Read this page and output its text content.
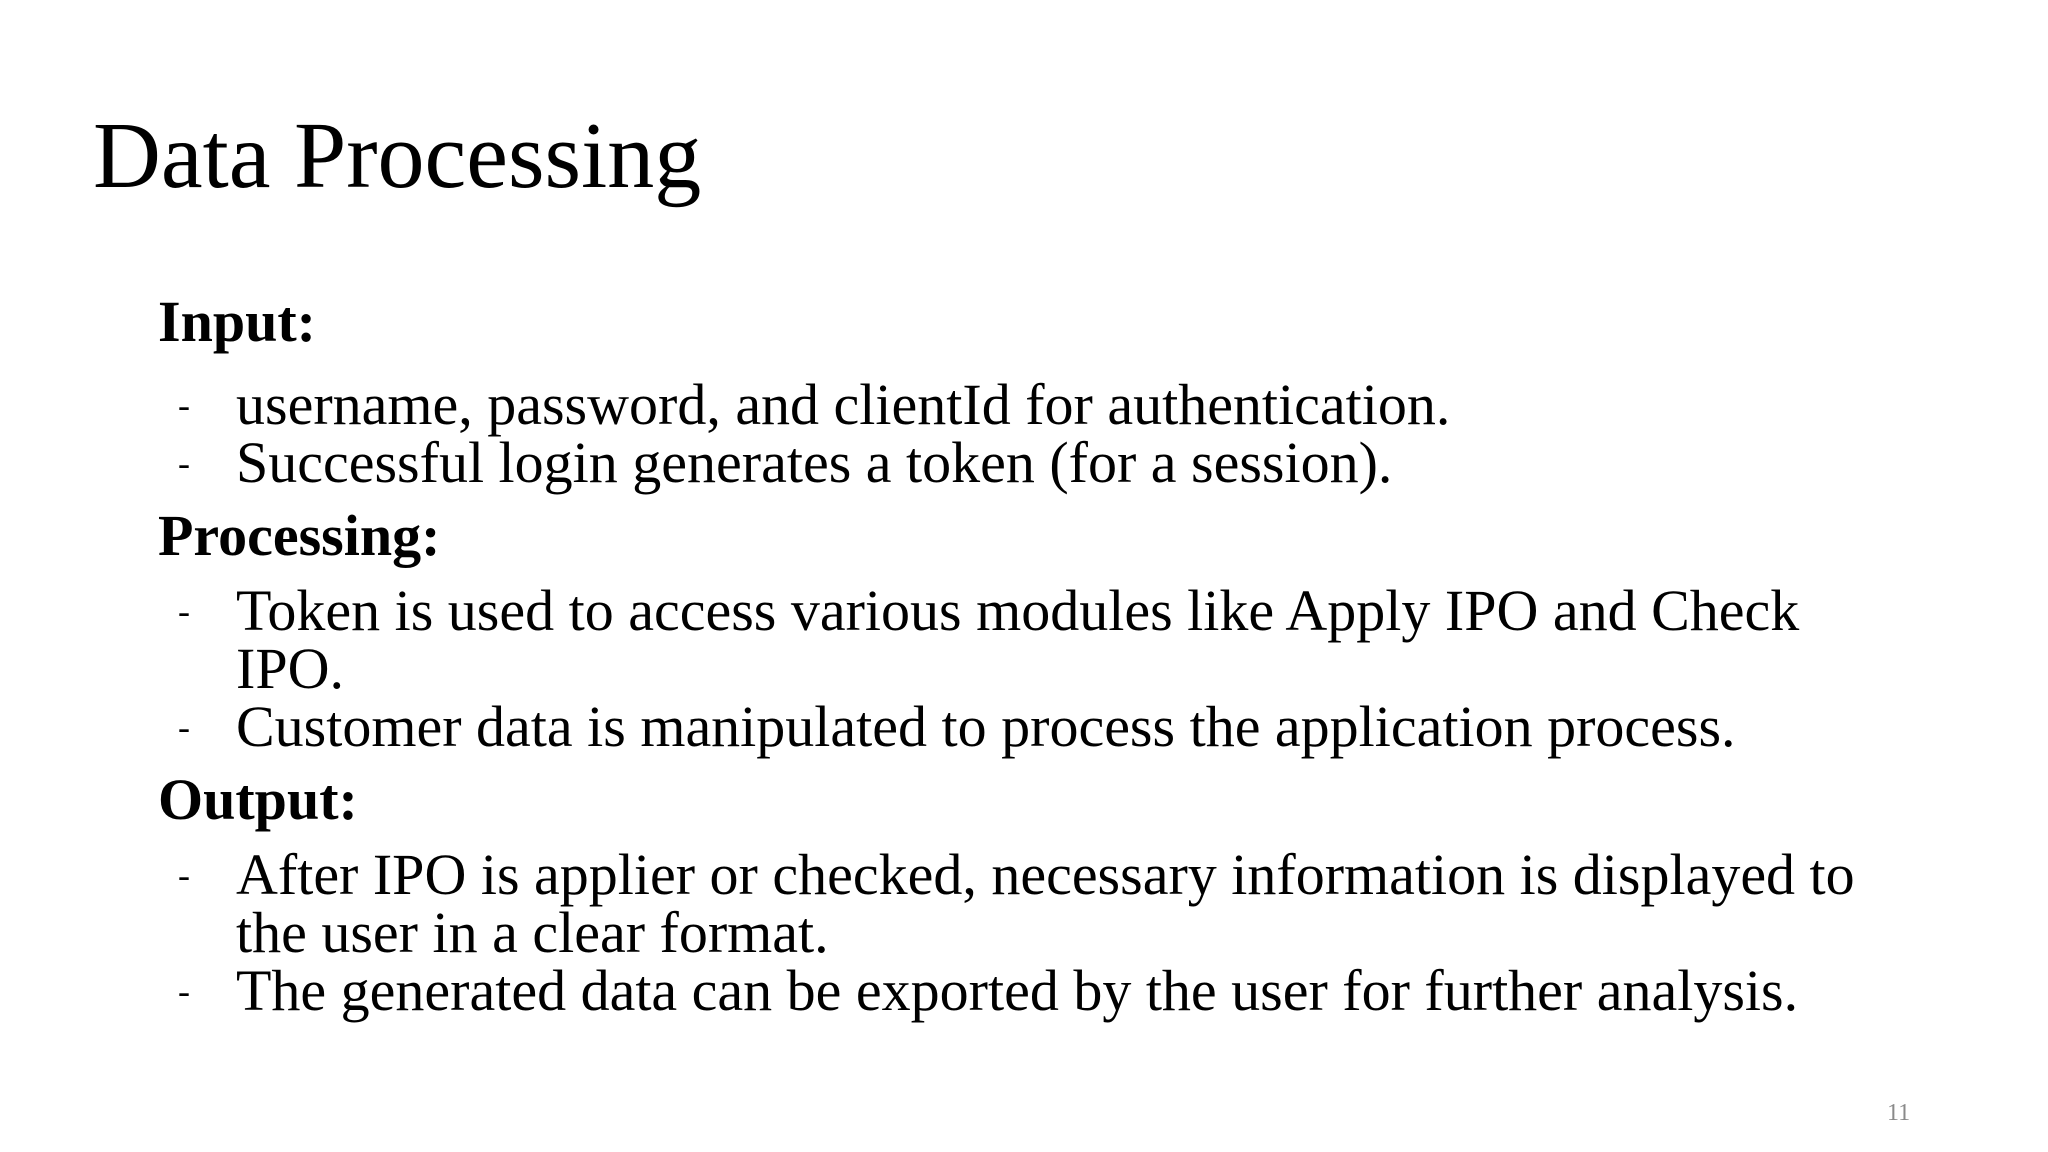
Data Processing
Input:
- username, password, and clientId for authentication.
- Successful login generates a token (for a session).
Processing:
- Token is used to access various modules like Apply IPO and Check IPO.
- Customer data is manipulated to process the application process.
Output:
- After IPO is applier or checked, necessary information is displayed to the user in a clear format.
- The generated data can be exported by the user for further analysis.
11
